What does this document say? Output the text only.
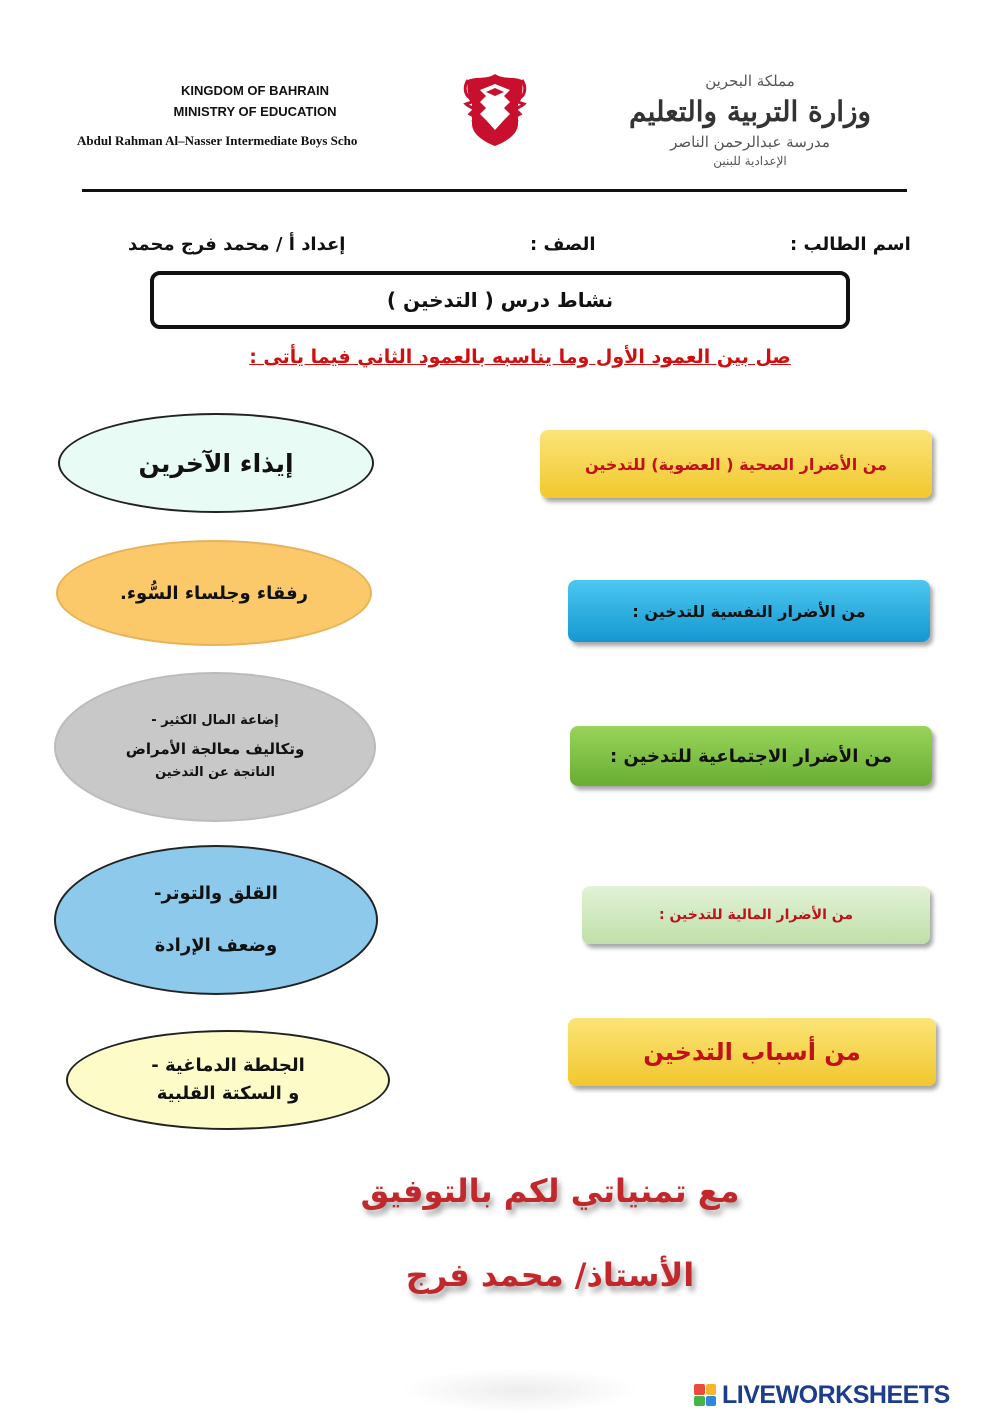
KINGDOM OF BAHRAIN
MINISTRY OF EDUCATION
Abdul Rahman Al–Nasser Intermediate Boys Scho
مملكة البحرين
وزارة التربية والتعليم
مدرسة عبدالرحمن الناصر
الإعدادية للبنين
اسم الطالب :
الصف :
إعداد أ / محمد فرج محمد
نشاط درس ( التدخين )
صل بين العمود الأول وما يناسبه بالعمود الثاني فيما يأتى :
من الأضرار الصحية ( العضوية) للتدخين
من الأضرار النفسية للتدخين :
من الأضرار الاجتماعية للتدخين :
من الأضرار المالية للتدخين :
من أسباب التدخين
إيذاء الآخرين
رفقاء وجلساء السُّوء.
إضاعة المال الكثير -
وتكاليف معالجة الأمراض
الناتجة عن التدخين
القلق والتوتر-
وضعف الإرادة
الجلطة الدماغية -
و السكتة القلبية
مع تمنياتي لكم بالتوفيق
الأستاذ/ محمد فرج
LIVEWORKSHEETS
